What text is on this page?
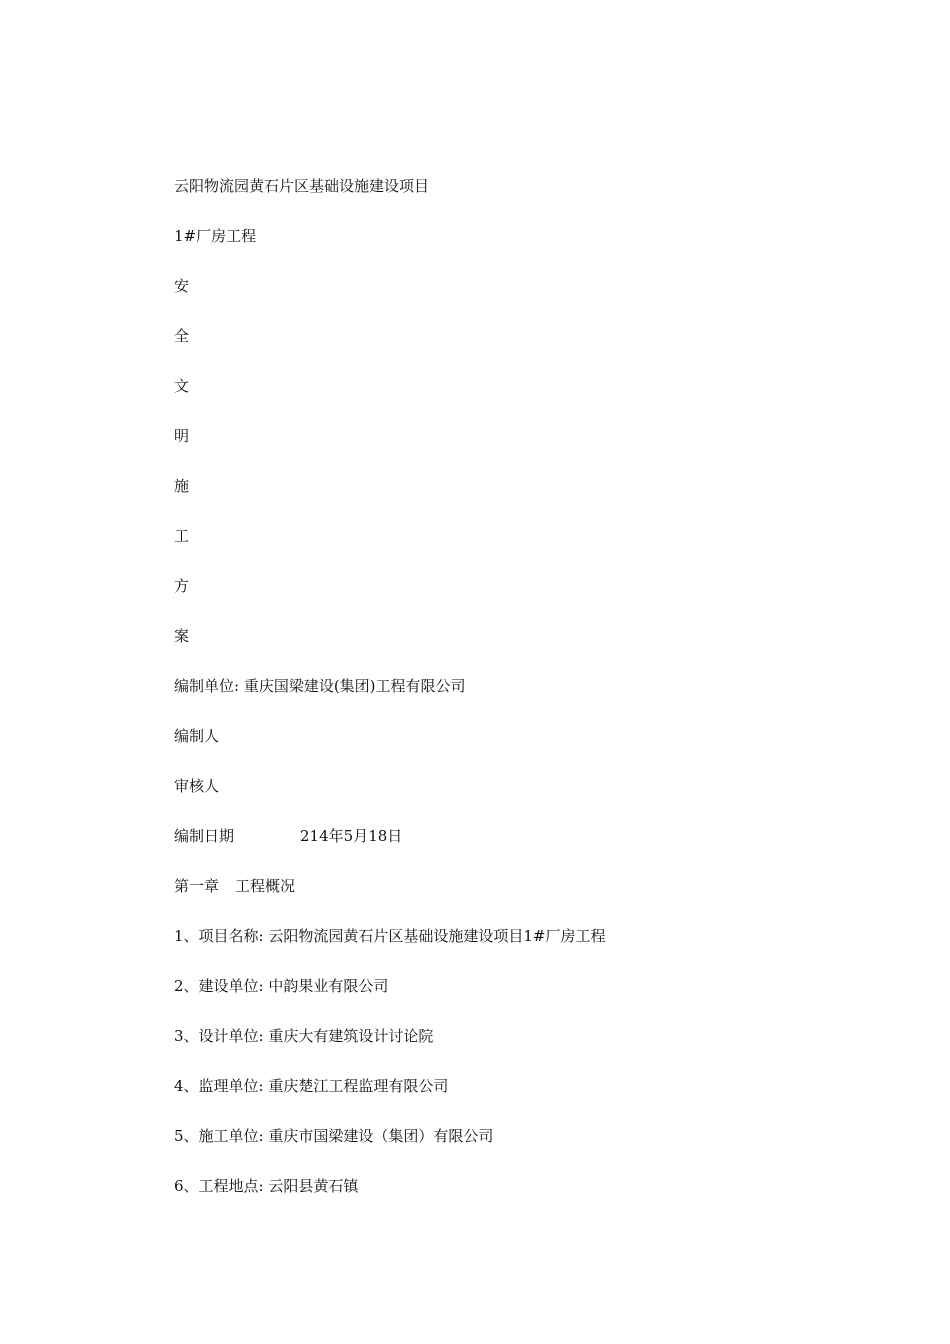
云阳物流园黄石片区基础设施建设项目
1#厂房工程
安
全
文
明
施
工
方
案
编制单位: 重庆国梁建设(集团)工程有限公司
编制人
审核人
编制日期	214年5月18日
第一章 工程概况
1、项目名称: 云阳物流园黄石片区基础设施建设项目1#厂房工程
2、建设单位: 中韵果业有限公司
3、设计单位: 重庆大有建筑设计讨论院
4、监理单位: 重庆楚江工程监理有限公司
5、施工单位: 重庆市国梁建设（集团）有限公司
6、工程地点: 云阳县黄石镇
